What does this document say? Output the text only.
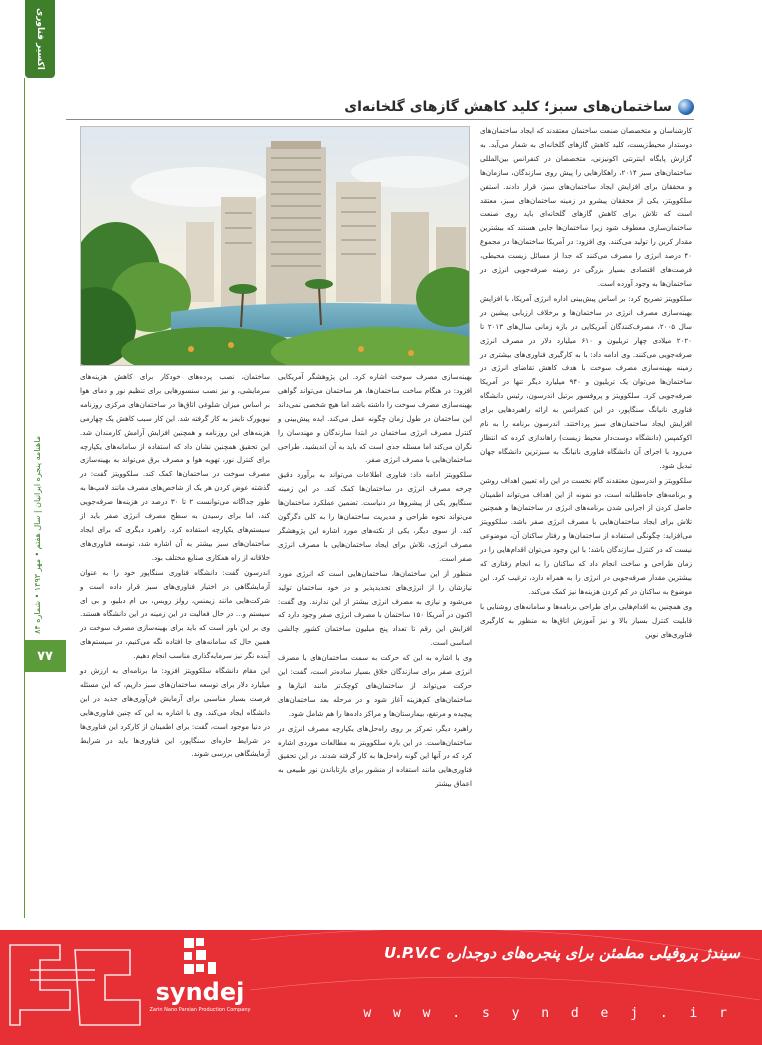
اکسیر فناوری
ماهنامه پنجره ایرانیان | سال هفتم • مهر ۱۳۹۳ • شماره ۸۴
۷۷
ساختمان‌های سبز؛ کلید کاهش گازهای گلخانه‌ای

کارشناسان و متخصصان صنعت ساختمان معتقدند که ایجاد ساختمان‌های دوستدار محیط‌زیست، کلید کاهش گازهای گلخانه‌ای به شمار می‌آید. به گزارش پایگاه اینترنتی اکونیزنی، متخصصان در کنفرانس بین‌المللی ساختمان‌های سبز ۲۰۱۴، راهکارهایی را پیش روی سازندگان، سازمان‌ها و محققان برای افزایش ایجاد ساختمان‌های سبز، قرار دادند. استفن سلکوویتز، یکی از محققان پیشرو در زمینه ساختمان‌های سبز، معتقد است که تلاش برای کاهش گازهای گلخانه‌ای باید روی صنعت ساختمان‌سازی معطوف شود زیرا ساختمان‌ها جایی هستند که بیشترین مقدار کربن را تولید می‌کنند. وی افزود: در آمریکا ساختمان‌ها در مجموع ۴۰ درصد انرژی را مصرف می‌کنند که جدا از مسائل زیست محیطی، فرصت‌های اقتصادی بسیار بزرگی در زمینه صرفه‌جویی انرژی در ساختمان‌ها به وجود آورده است.

سلکوویتز تصریح کرد: بر اساس پیش‌بینی اداره انرژی آمریکا، با افزایش بهینه‌سازی مصرف انرژی در ساختمان‌ها و برخلاف ارزیابی پیشین در سال ۲۰۰۵، مصرف‌کنندگان آمریکایی در بازه زمانی سال‌های ۲۰۱۳ تا ۲۰۲۰ میلادی چهار تریلیون و ۶۱۰ میلیارد دلار در مصرف انرژی صرفه‌جویی می‌کنند. وی ادامه داد: با به کارگیری فناوری‌های بیشتری در زمینه بهینه‌سازی مصرف سوخت با هدف کاهش تقاضای انرژی در ساختمان‌ها می‌توان یک تریلیون و ۹۴۰ میلیارد دیگر تنها در آمریکا صرفه‌جویی کرد. سلکوویتز و پروفسور برتیل اندرسون، رئیس دانشگاه فناوری نانیانگ سنگاپور، در این کنفرانس به ارائه راهبردهایی برای افزایش ایجاد ساختمان‌های سبز پرداختند. اندرسون برنامه را به نام اکوکمپس (دانشگاه دوست‌دار محیط زیست) راهاندازی کرده که انتظار می‌رود با اجرای آن دانشگاه فناوری نانیانگ به سبزترین دانشگاه جهان تبدیل شود.

سلکوویتز و اندرسون معتقدند گام نخست در این راه تعیین اهداف روشن و برنامه‌های جاه‌طلبانه است، دو نمونه از این اهداف می‌تواند اطمینان حاصل کردن از اجرایی شدن برنامه‌های انرژی در ساختمان‌ها و همچنین تلاش برای ایجاد ساختمان‌هایی با مصرف انرژی صفر باشد. سلکوویتز می‌افزاید: چگونگی استفاده از ساختمان‌ها و رفتار ساکنان آن، موضوعی نیست که در کنترل سازندگان باشد؛ با این وجود می‌توان اقدام‌هایی را در زمان طراحی و ساخت انجام داد که ساکنان را به انجام رفتاری که بیشترین مقدار صرفه‌جویی در انرژی را به همراه دارد، ترغیب کرد. این موضوع به ساکنان در کم کردن هزینه‌ها نیز کمک می‌کند.

وی همچنین به اقدام‌هایی برای طراحی برنامه‌ها و سامانه‌های روشنایی با قابلیت کنترل بسیار بالا و نیز آموزش اتاق‌ها به منظور به کارگیری فناوری‌های نوین

بهینه‌سازی مصرف سوخت اشاره کرد. این پژوهشگر آمریکایی افزود: در هنگام ساخت ساختمان‌ها، هر ساختمان می‌تواند گواهی بهینه‌سازی مصرف سوخت را داشته باشد اما هیچ شخصی نمی‌داند این ساختمان در طول زمان چگونه عمل می‌کند. ایده پیش‌بینی و کنترل مصرف انرژی ساختمان در ابتدا سازندگان و مهندسان را نگران می‌کند اما مسئله جدی است که باید به آن اندیشید. طراحی ساختمان‌هایی با مصرف انرژی صفر.

سلکوویتز ادامه داد: فناوری اطلاعات می‌تواند به برآورد دقیق چرخه مصرف انرژی در ساختمان‌ها کمک کند. در این زمینه سنگاپور یکی از پیشروها در دنیاست. تضمین عملکرد ساختمان‌ها می‌تواند نحوه طراحی و مدیریت ساختمان‌ها را به کلی دگرگون کند. از سوی دیگر، یکی از نکته‌های مورد اشاره این پژوهشگر مصرف انرژی، تلاش برای ایجاد ساختمان‌هایی با مصرف انرژی صفر است.

منظور از این ساختمان‌ها، ساختمان‌هایی است که انرژی مورد نیازشان را از انرژی‌های تجدیدپذیر و در خود ساختمان تولید می‌شود و نیازی به مصرف انرژی بیشتر از این ندارند. وی گفت: اکنون در آمریکا ۱۵۰ ساختمان با مصرف انرژی صفر وجود دارد که افزایش این رقم تا تعداد پنج میلیون ساختمان کشور چالشی اساسی است.

وی با اشاره به این که حرکت به سمت ساختمان‌های با مصرف انرژی صفر برای سازندگان خلاق بسیار ساده‌تر است، گفت: این حرکت می‌تواند از ساختمان‌های کوچک‌تر مانند انبارها و ساختمان‌های کم‌هزینه آغاز شود و در مرحله بعد ساختمان‌های پیچیده و مرتفع، بیمارستان‌ها و مراکز داده‌ها را هم شامل شود.

راهبرد دیگر، تمرکز بر روی راه‌حل‌های یکپارچه مصرف انرژی در ساختمان‌هاست. در این باره سلکوویتز به مطالعات موردی اشاره کرد که در آنها این گونه راه‌حل‌ها به کار گرفته شدند. در این تحقیق فناوری‌هایی مانند استفاده از منشور برای بازتاباندن نور طبیعی به اعماق بیشتر

ساختمان، نصب پرده‌های خودکار برای کاهش هزینه‌های سرمایشی، و نیز نصب سنسورهایی برای تنظیم نور و دمای هوا بر اساس میزان شلوغی اتاق‌ها در ساختمان‌های مرکزی روزنامه نیویورک تایمز به کار گرفته شد. این کار سبب کاهش یک چهارمی هزینه‌های این روزنامه و همچنین افزایش آرامش کارمندان شد. این تحقیق همچنین نشان داد که استفاده از سامانه‌های یکپارچه برای کنترل نور، تهویه هوا و مصرف برق می‌تواند به بهینه‌سازی مصرف سوخت در ساختمان‌ها کمک کند. سلکوویتز گفت: در گذشته عوض کردن هر یک از شاخص‌های مصرف مانند لامپ‌ها به طور جداگانه می‌توانست ۲ تا ۳۰ درصد در هزینه‌ها صرفه‌جویی کند، اما برای رسیدن به سطح مصرف انرژی صفر باید از سیستم‌های یکپارچه استفاده کرد. راهبرد دیگری که برای ایجاد ساختمان‌های سبز بیشتر به آن اشاره شد، توسعه فناوری‌های خلاقانه از راه همکاری صنایع مختلف بود.

اندرسون گفت: دانشگاه فناوری سنگاپور خود را به عنوان آزمایشگاهی در اختیار فناوری‌های سبز قرار داده است و شرکت‌هایی مانند زیمنس، رولز رویس، بی ام دبلیو، و بی ای سیستم و... در حال فعالیت در این زمینه در این دانشگاه هستند. وی بر این باور است که باید برای بهینه‌سازی مصرف سوخت در همین حال که سامانه‌های جا افتاده نگه می‌کنیم، در سیستم‌های آینده نگر نیز سرمایه‌گذاری مناسب انجام دهیم.

این مقام دانشگاه سلکوویتز افزود: ما برنامه‌ای به ارزش دو میلیارد دلار برای توسعه ساختمان‌های سبز داریم، که این مسئله فرصت بسیار مناسبی برای آزمایش فن‌آوری‌های جدید در این دانشگاه ایجاد می‌کند. وی با اشاره به این که چنین فناوری‌هایی در دنیا موجود است، گفت: برای اطمینان از کارکرد این فناوری‌ها در شرایط حاره‌ای سنگاپور، این فناوری‌ها باید در شرایط آزمایشگاهی بررسی شوند.

syndej
Zarin Nano Parsian Production Company
سیندژ پروفیلی مطمئن برای پنجره‌های دوجداره U.P.V.C
w w w . s y n d e j . i r
